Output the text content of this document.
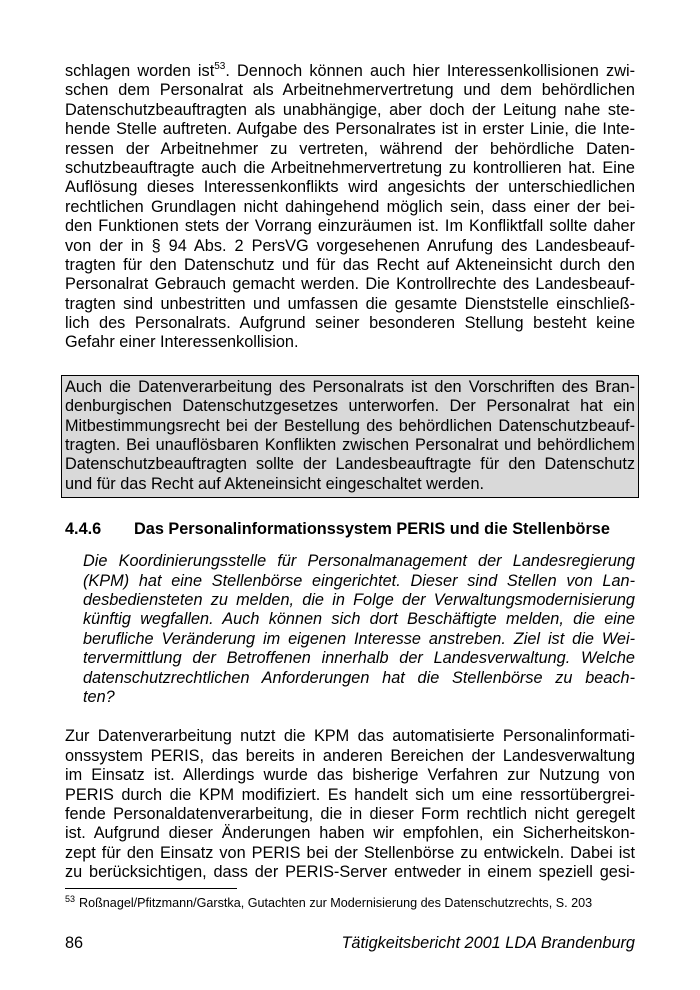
schlagen worden ist$^{53}$. Dennoch können auch hier Interessenkollisionen zwi-
schen dem Personalrat als Arbeitnehmervertretung und dem behördlichen
Datenschutzbeauftragten als unabhängige, aber doch der Leitung nahe ste-
hende Stelle auftreten. Aufgabe des Personalrates ist in erster Linie, die Inte-
ressen der Arbeitnehmer zu vertreten, während der behördliche Daten-
schutzbeauftragte auch die Arbeitnehmervertretung zu kontrollieren hat. Eine
Auflösung dieses Interessenkonflikts wird angesichts der unterschiedlichen
rechtlichen Grundlagen nicht dahingehend möglich sein, dass einer der bei-
den Funktionen stets der Vorrang einzuräumen ist. Im Konfliktfall sollte daher
von der in § 94 Abs. 2 PersVG vorgesehenen Anrufung des Landesbeauf-
tragten für den Datenschutz und für das Recht auf Akteneinsicht durch den
Personalrat Gebrauch gemacht werden. Die Kontrollrechte des Landesbeauf-
tragten sind unbestritten und umfassen die gesamte Dienststelle einschließ-
lich des Personalrats. Aufgrund seiner besonderen Stellung besteht keine
Gefahr einer Interessenkollision.
Auch die Datenverarbeitung des Personalrats ist den Vorschriften des Bran-
denburgischen Datenschutzgesetzes unterworfen. Der Personalrat hat ein
Mitbestimmungsrecht bei der Bestellung des behördlichen Datenschutzbeauf-
tragten. Bei unauflösbaren Konflikten zwischen Personalrat und behördlichem
Datenschutzbeauftragten sollte der Landesbeauftragte für den Datenschutz
und für das Recht auf Akteneinsicht eingeschaltet werden.
4.4.6 Das Personalinformationssystem PERIS und die Stellenbörse
Die Koordinierungsstelle für Personalmanagement der Landesregierung
(KPM) hat eine Stellenbörse eingerichtet. Dieser sind Stellen von Lan-
desbediensteten zu melden, die in Folge der Verwaltungsmodernisierung
künftig wegfallen. Auch können sich dort Beschäftigte melden, die eine
berufliche Veränderung im eigenen Interesse anstreben. Ziel ist die Wei-
tervermittlung der Betroffenen innerhalb der Landesverwaltung. Welche
datenschutzrechtlichen Anforderungen hat die Stellenbörse zu beach-
ten?
Zur Datenverarbeitung nutzt die KPM das automatisierte Personalinformati-
onssystem PERIS, das bereits in anderen Bereichen der Landesverwaltung
im Einsatz ist. Allerdings wurde das bisherige Verfahren zur Nutzung von
PERIS durch die KPM modifiziert. Es handelt sich um eine ressortübergrei-
fende Personaldatenverarbeitung, die in dieser Form rechtlich nicht geregelt
ist. Aufgrund dieser Änderungen haben wir empfohlen, ein Sicherheitskon-
zept für den Einsatz von PERIS bei der Stellenbörse zu entwickeln. Dabei ist
zu berücksichtigen, dass der PERIS-Server entweder in einem speziell gesi-
$^{53}$ Roßnagel/Pfitzmann/Garstka, Gutachten zur Modernisierung des Datenschutzrechts, S. 203
86	Tätigkeitsbericht 2001 LDA Brandenburg
